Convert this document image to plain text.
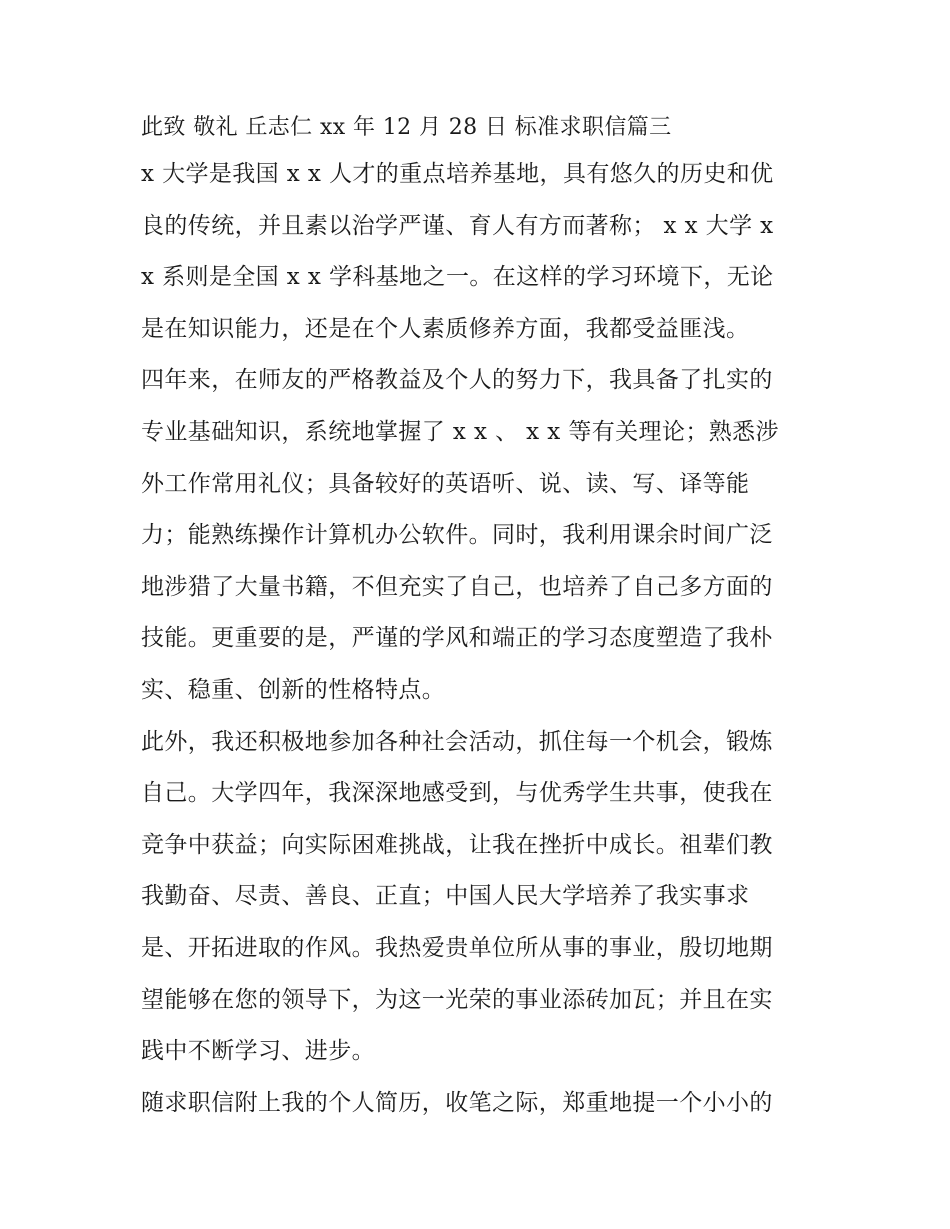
此致 敬礼 丘志仁 xx 年 12 月 28 日 标准求职信篇三
x 大学是我国 x x 人才的重点培养基地，具有悠久的历史和优
良的传统，并且素以治学严谨、育人有方而著称； x x 大学 x
x 系则是全国 x x 学科基地之一。在这样的学习环境下，无论
是在知识能力，还是在个人素质修养方面，我都受益匪浅。
四年来，在师友的严格教益及个人的努力下，我具备了扎实的
专业基础知识，系统地掌握了 x x 、 x x 等有关理论；熟悉涉
外工作常用礼仪；具备较好的英语听、说、读、写、译等能
力；能熟练操作计算机办公软件。同时，我利用课余时间广泛
地涉猎了大量书籍，不但充实了自己，也培养了自己多方面的
技能。更重要的是，严谨的学风和端正的学习态度塑造了我朴
实、稳重、创新的性格特点。
此外，我还积极地参加各种社会活动，抓住每一个机会，锻炼
自己。大学四年，我深深地感受到，与优秀学生共事，使我在
竞争中获益；向实际困难挑战，让我在挫折中成长。祖辈们教
我勤奋、尽责、善良、正直；中国人民大学培养了我实事求
是、开拓进取的作风。我热爱贵单位所从事的事业，殷切地期
望能够在您的领导下，为这一光荣的事业添砖加瓦；并且在实
践中不断学习、进步。
随求职信附上我的个人简历，收笔之际，郑重地提一个小小的
